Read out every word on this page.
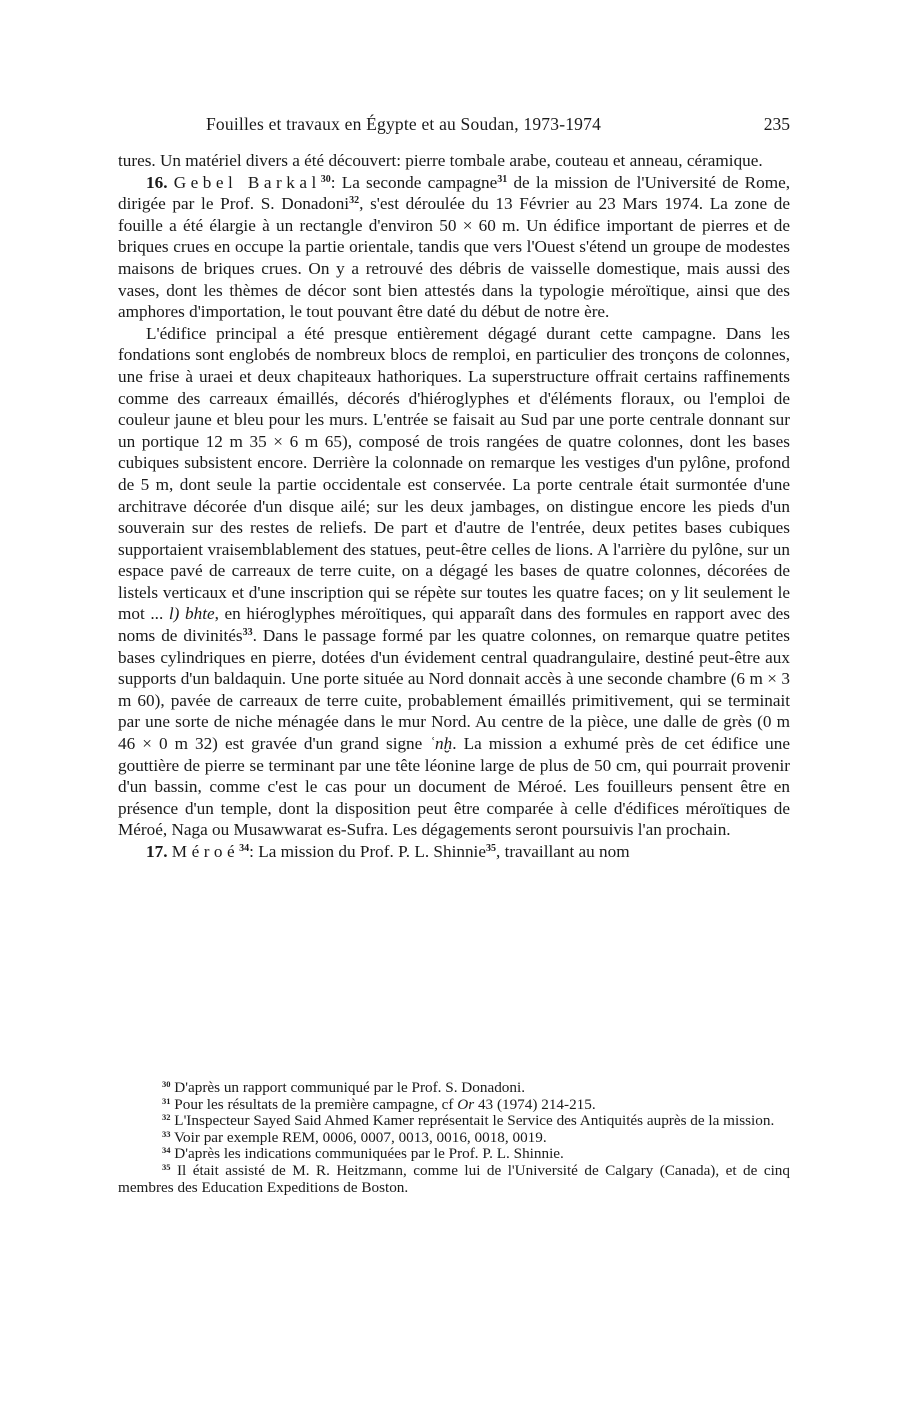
Fouilles et travaux en Égypte et au Soudan, 1973-1974	235

tures. Un matériel divers a été découvert: pierre tombale arabe, couteau et anneau, céramique.

16. Gebel Barkal$^{30}$: La seconde campagne$^{31}$ de la mission de l'Université de Rome, dirigée par le Prof. S. Donadoni$^{32}$, s'est déroulée du 13 Février au 23 Mars 1974. La zone de fouille a été élargie à un rectangle d'environ 50 × 60 m. Un édifice important de pierres et de briques crues en occupe la partie orientale, tandis que vers l'Ouest s'étend un groupe de modestes maisons de briques crues. On y a retrouvé des débris de vaisselle domestique, mais aussi des vases, dont les thèmes de décor sont bien attestés dans la typologie méroïtique, ainsi que des amphores d'importation, le tout pouvant être daté du début de notre ère.

L'édifice principal a été presque entièrement dégagé durant cette campagne. Dans les fondations sont englobés de nombreux blocs de remploi, en particulier des tronçons de colonnes, une frise à uraei et deux chapiteaux hathoriques. La superstructure offrait certains raffinements comme des carreaux émaillés, décorés d'hiéroglyphes et d'éléments floraux, ou l'emploi de couleur jaune et bleu pour les murs. L'entrée se faisait au Sud par une porte centrale donnant sur un portique 12 m 35 × 6 m 65), composé de trois rangées de quatre colonnes, dont les bases cubiques subsistent encore. Derrière la colonnade on remarque les vestiges d'un pylône, profond de 5 m, dont seule la partie occidentale est conservée. La porte centrale était surmontée d'une architrave décorée d'un disque ailé; sur les deux jambages, on distingue encore les pieds d'un souverain sur des restes de reliefs. De part et d'autre de l'entrée, deux petites bases cubiques supportaient vraisemblablement des statues, peut-être celles de lions. A l'arrière du pylône, sur un espace pavé de carreaux de terre cuite, on a dégagé les bases de quatre colonnes, décorées de listels verticaux et d'une inscription qui se répète sur toutes les quatre faces; on y lit seulement le mot ... l) bhte, en hiéroglyphes méroïtiques, qui apparaît dans des formules en rapport avec des noms de divinités$^{33}$. Dans le passage formé par les quatre colonnes, on remarque quatre petites bases cylindriques en pierre, dotées d'un évidement central quadrangulaire, destiné peut-être aux supports d'un baldaquin. Une porte située au Nord donnait accès à une seconde chambre (6 m × 3 m 60), pavée de carreaux de terre cuite, probablement émaillés primitivement, qui se terminait par une sorte de niche ménagée dans le mur Nord. Au centre de la pièce, une dalle de grès (0 m 46 × 0 m 32) est gravée d'un grand signe ʿnḫ. La mission a exhumé près de cet édifice une gouttière de pierre se terminant par une tête léonine large de plus de 50 cm, qui pourrait provenir d'un bassin, comme c'est le cas pour un document de Méroé. Les fouilleurs pensent être en présence d'un temple, dont la disposition peut être comparée à celle d'édifices méroïtiques de Méroé, Naga ou Musawwarat es-Sufra. Les dégagements seront poursuivis l'an prochain.

17. Méroé$^{34}$: La mission du Prof. P. L. Shinnie$^{35}$, travaillant au nom

$^{30}$ D'après un rapport communiqué par le Prof. S. Donadoni.

$^{31}$ Pour les résultats de la première campagne, cf Or 43 (1974) 214-215.

$^{32}$ L'Inspecteur Sayed Said Ahmed Kamer représentait le Service des Antiquités auprès de la mission.

$^{33}$ Voir par exemple REM, 0006, 0007, 0013, 0016, 0018, 0019.

$^{34}$ D'après les indications communiquées par le Prof. P. L. Shinnie.

$^{35}$ Il était assisté de M. R. Heitzmann, comme lui de l'Université de Calgary (Canada), et de cinq membres des Education Expeditions de Boston.
